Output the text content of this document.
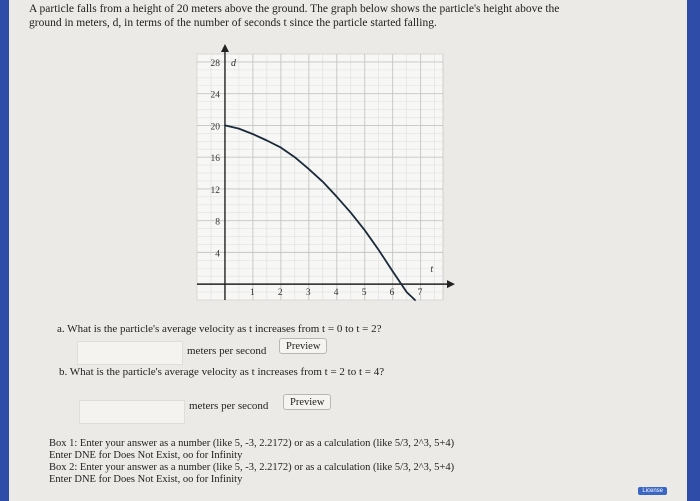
A particle falls from a height of 20 meters above the ground. The graph below shows the particle's height above the
ground in meters, d, in terms of the number of seconds t since the particle started falling.
1 2 3 4 5 6 7
28
24
20
16
12
8
4
t
d
a. What is the particle's average velocity as t increases from t = 0 to t = 2?
meters per second	Preview
b. What is the particle's average velocity as t increases from t = 2 to t = 4?
meters per second	Preview
Box 1: Enter your answer as a number (like 5, -3, 2.2172) or as a calculation (like 5/3, 2^3, 5+4)
Enter DNE for Does Not Exist, oo for Infinity
Box 2: Enter your answer as a number (like 5, -3, 2.2172) or as a calculation (like 5/3, 2^3, 5+4)
Enter DNE for Does Not Exist, oo for Infinity
License
